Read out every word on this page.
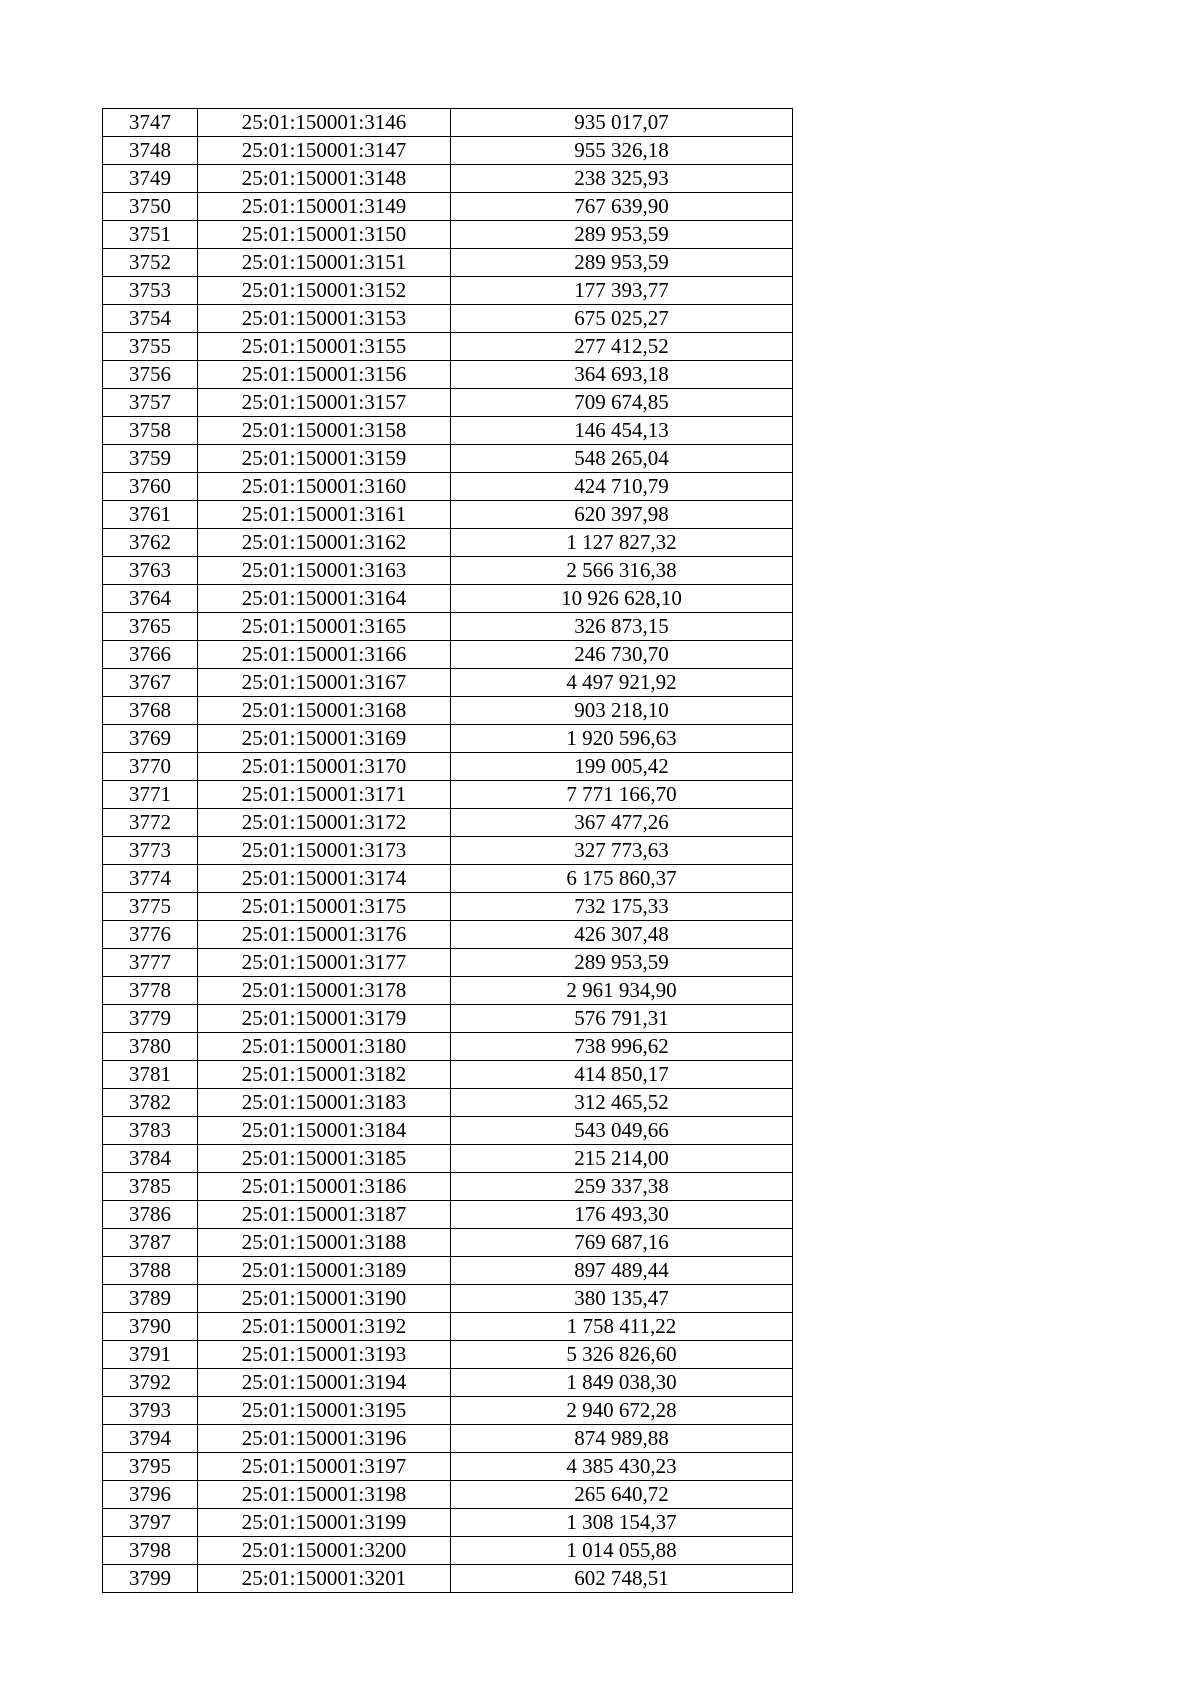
3747	25:01:150001:3146	935 017,07
3748	25:01:150001:3147	955 326,18
3749	25:01:150001:3148	238 325,93
3750	25:01:150001:3149	767 639,90
3751	25:01:150001:3150	289 953,59
3752	25:01:150001:3151	289 953,59
3753	25:01:150001:3152	177 393,77
3754	25:01:150001:3153	675 025,27
3755	25:01:150001:3155	277 412,52
3756	25:01:150001:3156	364 693,18
3757	25:01:150001:3157	709 674,85
3758	25:01:150001:3158	146 454,13
3759	25:01:150001:3159	548 265,04
3760	25:01:150001:3160	424 710,79
3761	25:01:150001:3161	620 397,98
3762	25:01:150001:3162	1 127 827,32
3763	25:01:150001:3163	2 566 316,38
3764	25:01:150001:3164	10 926 628,10
3765	25:01:150001:3165	326 873,15
3766	25:01:150001:3166	246 730,70
3767	25:01:150001:3167	4 497 921,92
3768	25:01:150001:3168	903 218,10
3769	25:01:150001:3169	1 920 596,63
3770	25:01:150001:3170	199 005,42
3771	25:01:150001:3171	7 771 166,70
3772	25:01:150001:3172	367 477,26
3773	25:01:150001:3173	327 773,63
3774	25:01:150001:3174	6 175 860,37
3775	25:01:150001:3175	732 175,33
3776	25:01:150001:3176	426 307,48
3777	25:01:150001:3177	289 953,59
3778	25:01:150001:3178	2 961 934,90
3779	25:01:150001:3179	576 791,31
3780	25:01:150001:3180	738 996,62
3781	25:01:150001:3182	414 850,17
3782	25:01:150001:3183	312 465,52
3783	25:01:150001:3184	543 049,66
3784	25:01:150001:3185	215 214,00
3785	25:01:150001:3186	259 337,38
3786	25:01:150001:3187	176 493,30
3787	25:01:150001:3188	769 687,16
3788	25:01:150001:3189	897 489,44
3789	25:01:150001:3190	380 135,47
3790	25:01:150001:3192	1 758 411,22
3791	25:01:150001:3193	5 326 826,60
3792	25:01:150001:3194	1 849 038,30
3793	25:01:150001:3195	2 940 672,28
3794	25:01:150001:3196	874 989,88
3795	25:01:150001:3197	4 385 430,23
3796	25:01:150001:3198	265 640,72
3797	25:01:150001:3199	1 308 154,37
3798	25:01:150001:3200	1 014 055,88
3799	25:01:150001:3201	602 748,51
